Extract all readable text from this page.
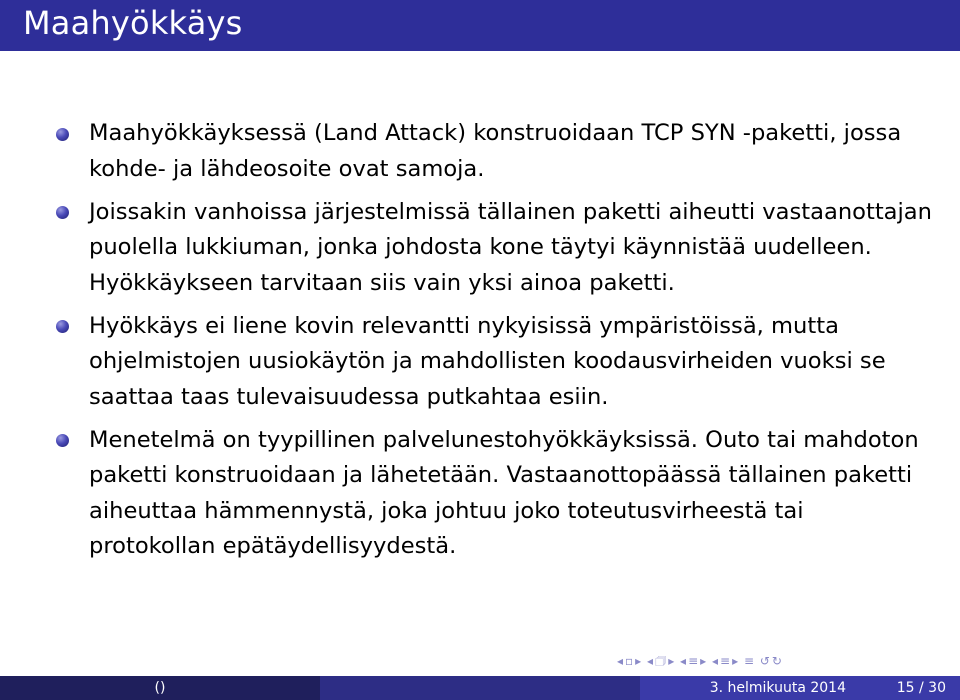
Maahyökkäys
Maahyökkäyksessä (Land Attack) konstruoidaan TCP SYN -paketti, jossa kohde- ja lähdeosoite ovat samoja.
Joissakin vanhoissa järjestelmissä tällainen paketti aiheutti vastaanottajan puolella lukkiuman, jonka johdosta kone täytyi käynnistää uudelleen. Hyökkäykseen tarvitaan siis vain yksi ainoa paketti.
Hyökkäys ei liene kovin relevantti nykyisissä ympäristöissä, mutta ohjelmistojen uusiokäytön ja mahdollisten koodausvirheiden vuoksi se saattaa taas tulevaisuudessa putkahtaa esiin.
Menetelmä on tyypillinen palvelunestohyökkäyksissä. Outo tai mahdoton paketti konstruoidaan ja lähetetään. Vastaanottopäässä tällainen paketti aiheuttaa hämmennystä, joka johtuu joko toteutusvirheestä tai protokollan epätäydellisyydestä.
◂ ▫ ▸ ◂ 🗇 ▸ ◂ ≡ ▸ ◂ ≡ ▸ ≡ ↺ ↻
()	3. helmikuuta 2014	15 / 30
